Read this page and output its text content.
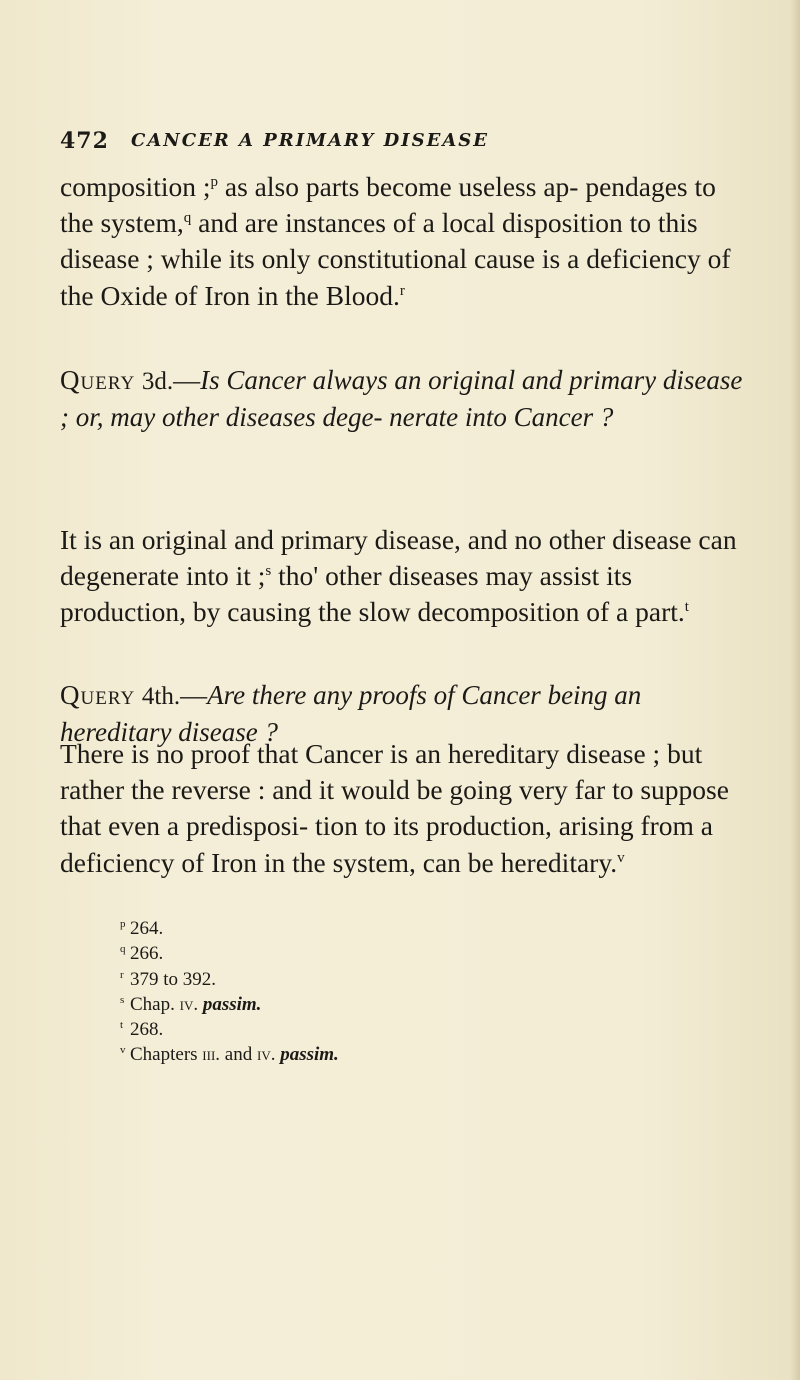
472 CANCER A PRIMARY DISEASE

composition ;$^p$ as also parts become useless ap- pendages to the system,$^q$ and are instances of a local disposition to this disease ; while its only constitutional cause is a deficiency of the Oxide of Iron in the Blood.$^r$

Query 3d.—Is Cancer always an original and primary disease ; or, may other diseases dege- nerate into Cancer ?

It is an original and primary disease, and no other disease can degenerate into it ;$^s$ tho' other diseases may assist its production, by causing the slow decomposition of a part.$^t$

Query 4th.—Are there any proofs of Cancer being an hereditary disease ?

There is no proof that Cancer is an hereditary disease ; but rather the reverse : and it would be going very far to suppose that even a predisposi- tion to its production, arising from a deficiency of Iron in the system, can be hereditary.$^v$

p 264.
q 266.
r 379 to 392.
s Chap. iv. passim.
t 268.
v Chapters iii. and iv. passim.
